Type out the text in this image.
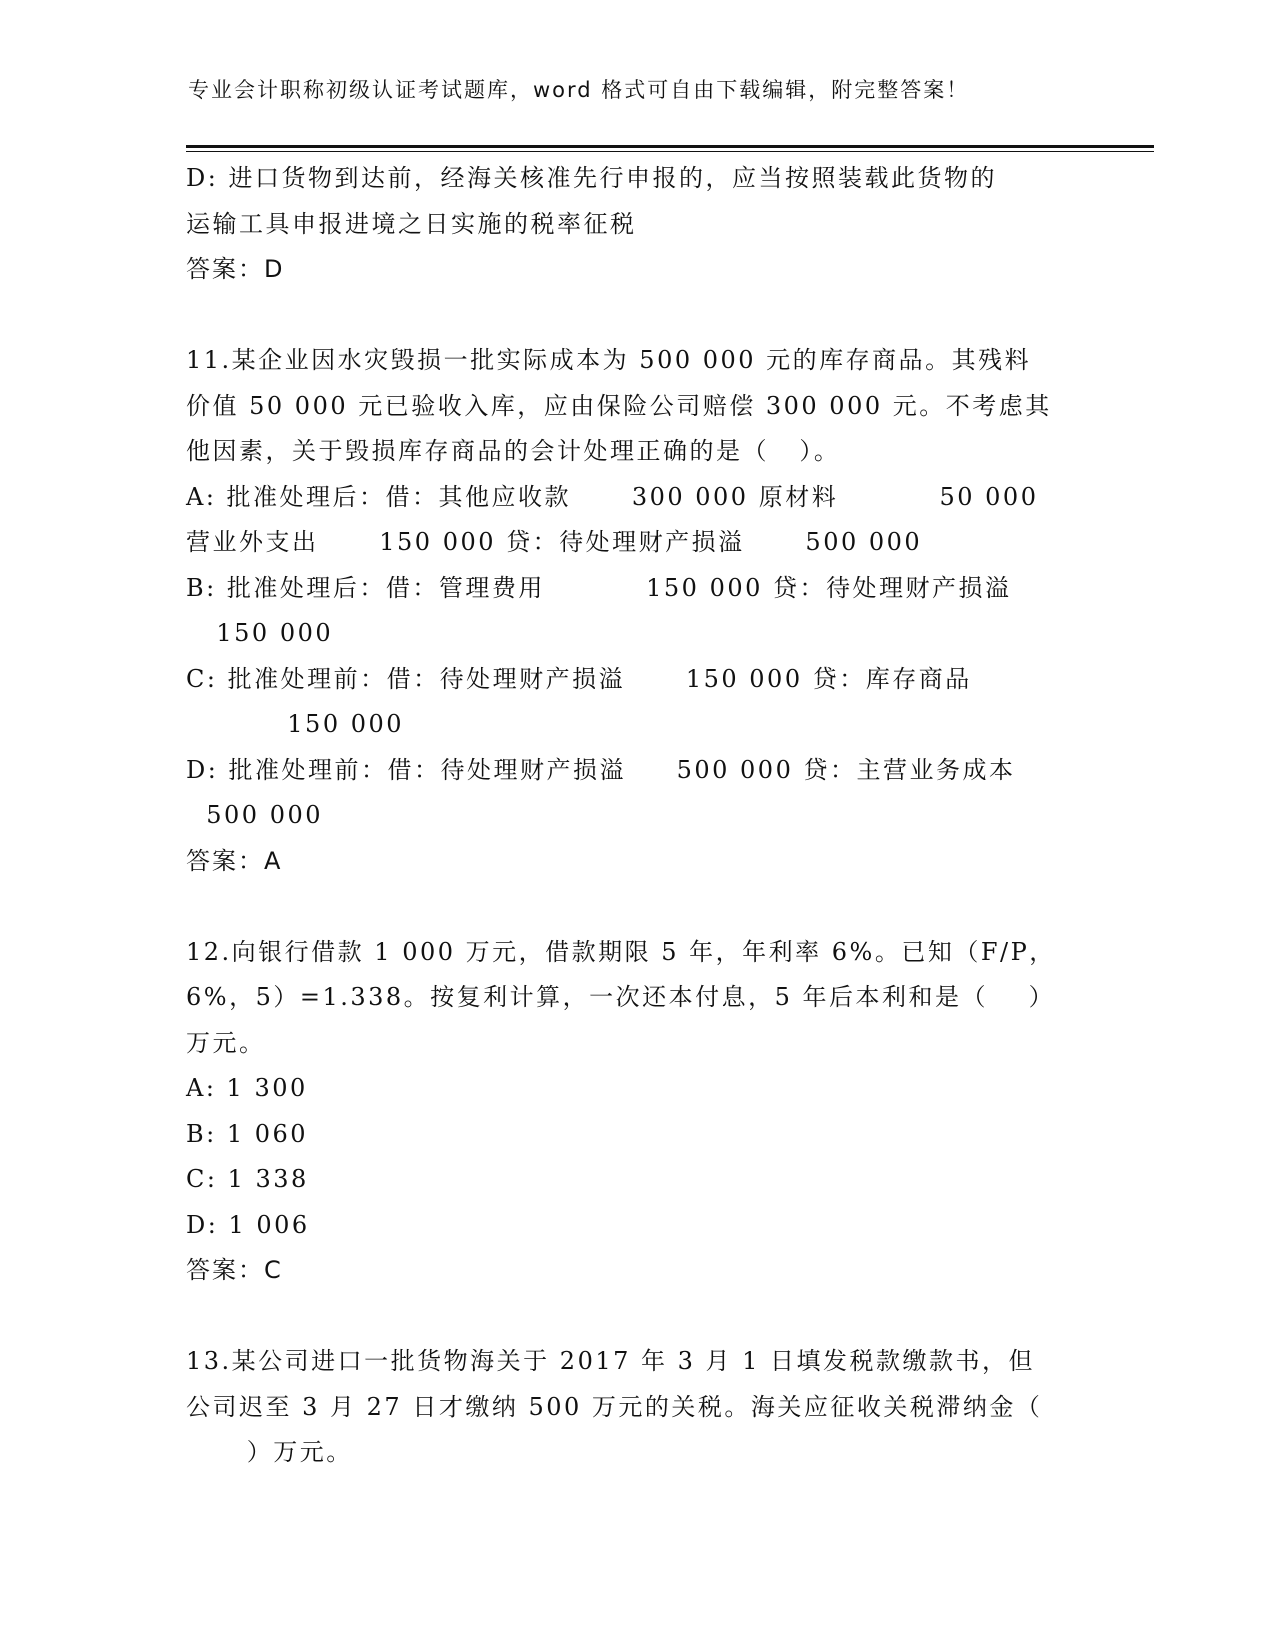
专业会计职称初级认证考试题库，word 格式可自由下载编辑，附完整答案！
D: 进口货物到达前，经海关核准先行申报的，应当按照装载此货物的
运输工具申报进境之日实施的税率征税
答案：D
11.某企业因水灾毁损一批实际成本为 500 000 元的库存商品。其残料
价值 50 000 元已验收入库，应由保险公司赔偿 300 000 元。不考虑其
他因素，关于毁损库存商品的会计处理正确的是（   ）。
A: 批准处理后：借：其他应收款      300 000 原材料          50 000
营业外支出      150 000 贷：待处理财产损溢      500 000
B: 批准处理后：借：管理费用          150 000 贷：待处理财产损溢
150 000
C: 批准处理前：借：待处理财产损溢      150 000 贷：库存商品
150 000
D: 批准处理前：借：待处理财产损溢     500 000 贷：主营业务成本
500 000
答案：A
12.向银行借款 1 000 万元，借款期限 5 年，年利率 6%。已知（F/P，
6%，5）=1.338。按复利计算，一次还本付息，5 年后本利和是（    ）
万元。
A: 1 300
B: 1 060
C: 1 338
D: 1 006
答案：C
13.某公司进口一批货物海关于 2017 年 3 月 1 日填发税款缴款书，但
公司迟至 3 月 27 日才缴纳 500 万元的关税。海关应征收关税滞纳金（
）万元。
